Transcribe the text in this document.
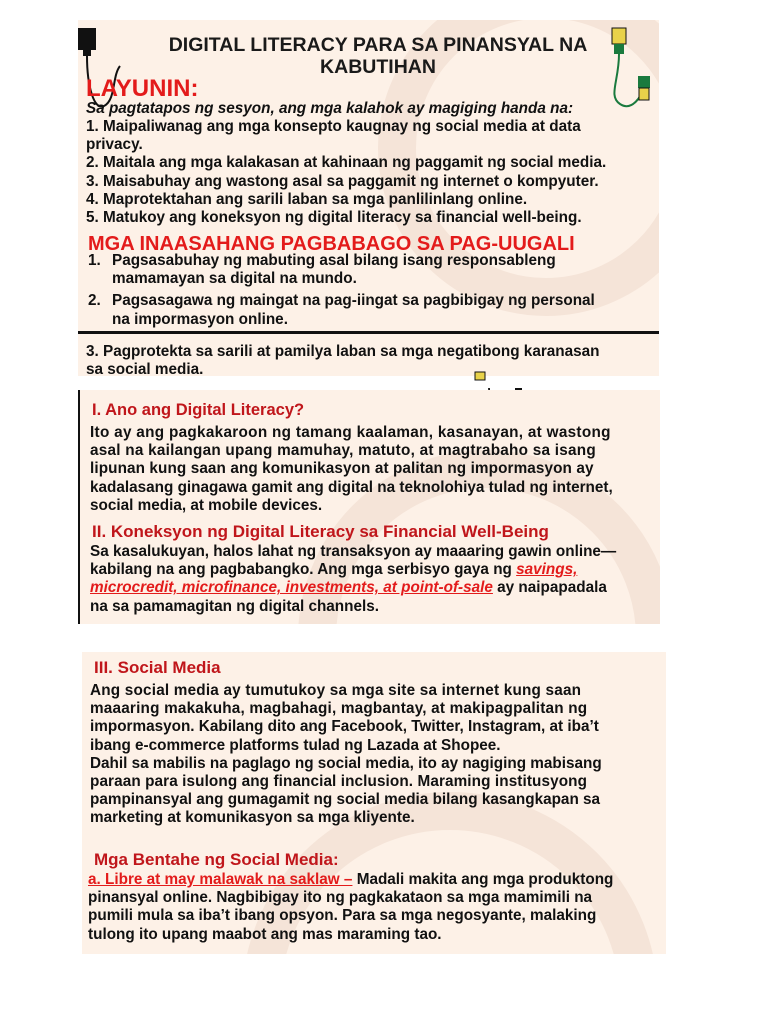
DIGITAL LITERACY PARA SA PINANSYAL NA
KABUTIHAN
LAYUNIN:
Sa pagtatapos ng sesyon, ang mga kalahok ay magiging handa na:
1. Maipaliwanag ang mga konsepto kaugnay ng social media at data
privacy.
2. Maitala ang mga kalakasan at kahinaan ng paggamit ng social media.
3. Maisabuhay ang wastong asal sa paggamit ng internet o kompyuter.
4. Maprotektahan ang sarili laban sa mga panlilinlang online.
5. Matukoy ang koneksyon ng digital literacy sa financial well-being.
MGA INAASAHANG PAGBABAGO SA PAG-UUGALI
1. Pagsasabuhay ng mabuting asal bilang isang responsableng
mamamayan sa digital na mundo.
2. Pagsasagawa ng maingat na pag-iingat sa pagbibigay ng personal
na impormasyon online.
3. Pagprotekta sa sarili at pamilya laban sa mga negatibong karanasan
sa social media.
I. Ano ang Digital Literacy?
Ito ay ang pagkakaroon ng tamang kaalaman, kasanayan, at wastong
asal na kailangan upang mamuhay, matuto, at magtrabaho sa isang
lipunan kung saan ang komunikasyon at palitan ng impormasyon ay
kadalasang ginagawa gamit ang digital na teknolohiya tulad ng internet,
social media, at mobile devices.
II. Koneksyon ng Digital Literacy sa Financial Well-Being
Sa kasalukuyan, halos lahat ng transaksyon ay maaaring gawin online—
kabilang na ang pagbabangko. Ang mga serbisyo gaya ng savings,
microcredit, microfinance, investments, at point-of-sale ay naipapadala
na sa pamamagitan ng digital channels.
III. Social Media
Ang social media ay tumutukoy sa mga site sa internet kung saan
maaaring makakuha, magbahagi, magbantay, at makipagpalitan ng
impormasyon. Kabilang dito ang Facebook, Twitter, Instagram, at iba’t
ibang e-commerce platforms tulad ng Lazada at Shopee.
Dahil sa mabilis na paglago ng social media, ito ay nagiging mabisang
paraan para isulong ang financial inclusion. Maraming institusyong
pampinansyal ang gumagamit ng social media bilang kasangkapan sa
marketing at komunikasyon sa mga kliyente.
Mga Bentahe ng Social Media:
a. Libre at may malawak na saklaw – Madali makita ang mga produktong
pinansyal online. Nagbibigay ito ng pagkakataon sa mga mamimili na
pumili mula sa iba’t ibang opsyon. Para sa mga negosyante, malaking
tulong ito upang maabot ang mas maraming tao.
